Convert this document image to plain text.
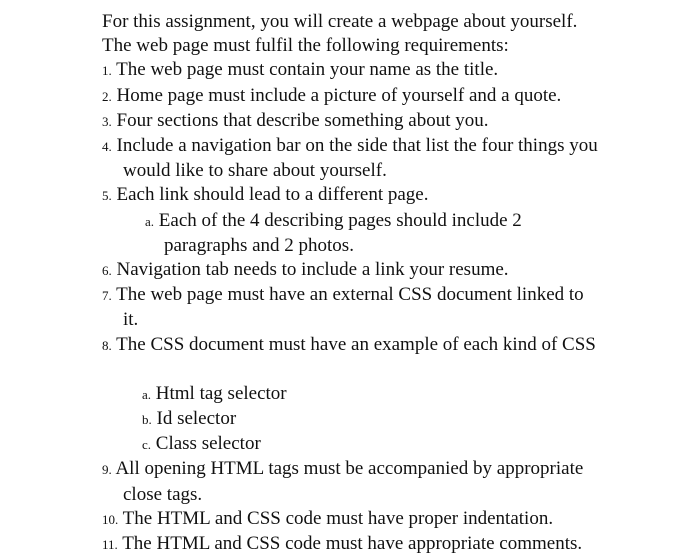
For this assignment, you will create a webpage about yourself.
The web page must fulfil the following requirements:
1. The web page must contain your name as the title.
2. Home page must include a picture of yourself and a quote.
3. Four sections that describe something about you.
4. Include a navigation bar on the side that list the four things you
would like to share about yourself.
5. Each link should lead to a different page.
a. Each of the 4 describing pages should include 2
paragraphs and 2 photos.
6. Navigation tab needs to include a link your resume.
7. The web page must have an external CSS document linked to
it.
8. The CSS document must have an example of each kind of CSS
a. Html tag selector
b. Id selector
c. Class selector
9. All opening HTML tags must be accompanied by appropriate
close tags.
10. The HTML and CSS code must have proper indentation.
11. The HTML and CSS code must have appropriate comments.
